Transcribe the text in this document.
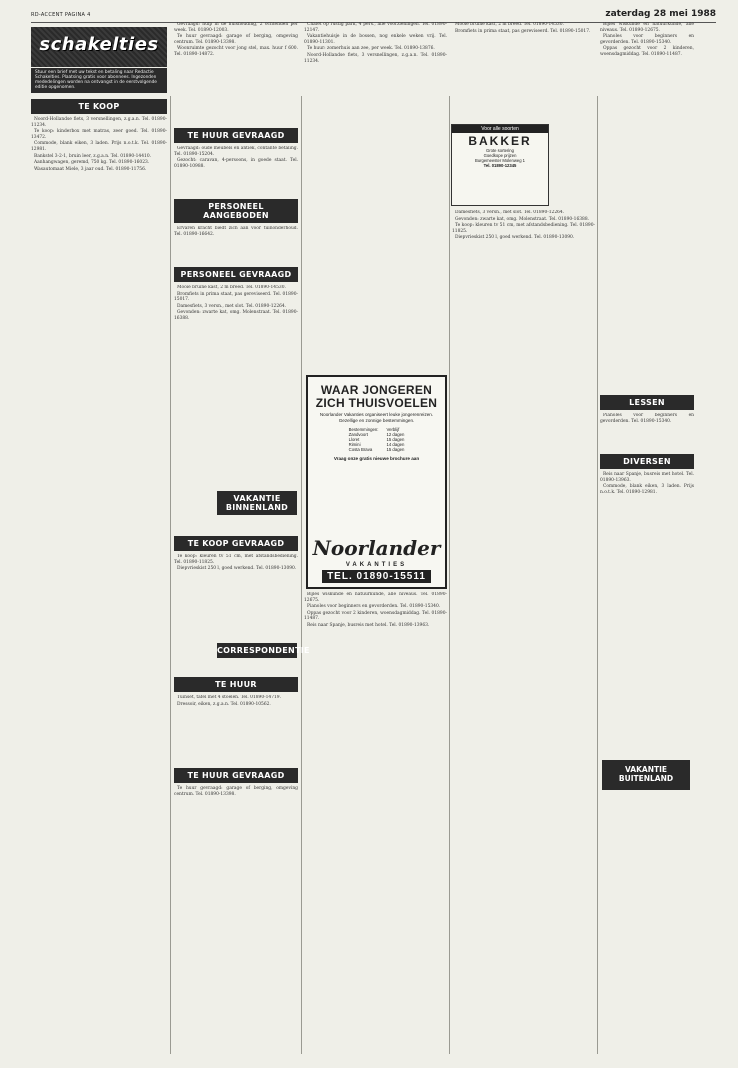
RD-ACCENT PAGINA 4	zaterdag 28 mei 1988
schakelties
Stuur een brief met uw tekst en betaling naar Redactie Schakelties. Plaatsing gratis voor abonnees. Ingezonden mededelingen worden na ontvangst in de eerstvolgende editie opgenomen.
TE KOOP

Noord-Hollandse fiets, 3 versnellingen, z.g.a.n. Tel. 01890-11234.

Te koop: kinderbox met matras, zeer goed. Tel. 01890-13472.

Commode, blank eiken, 3 laden. Prijs n.o.t.k. Tel. 01890-12981.

Bankstel 3-2-1, bruin leer, z.g.a.n. Tel. 01890-14410.

Aanhangwagen, geremd, 750 kg. Tel. 01890-16023.

Wasautomaat Miele, 3 jaar oud. Tel. 01890-11756.

Gevraagd: hulp in de huishouding, 2 ochtenden per week. Tel. 01890-12003.

Te huur gevraagd: garage of berging, omgeving centrum. Tel. 01890-13398.

Woonruimte gezocht voor jong stel, max. huur f 600. Tel. 01890-14872.

TE HUUR GEVRAAGD

Gevraagd: oude meubels en antiek, contante betaling. Tel. 01890-15204.

Gezocht: caravan, 4-persoons, in goede staat. Tel. 01890-10988.

PERSONEEL AANGEBODEN

Ervaren kracht biedt zich aan voor tuinonderhoud. Tel. 01890-16642.

PERSONEEL GEVRAAGD

Mooie bruine kast, 2 m breed. Tel. 01890-14530.

Bromfiets in prima staat, pas gereviseerd. Tel. 01890-15017.

Damesfiets, 3 versn., met slot. Tel. 01890-12264.

Gevonden: zwarte kat, omg. Molenstraat. Tel. 01890-16388.

TE KOOP GEVRAAGD

Te koop: kleuren tv 51 cm, met afstandsbediening. Tel. 01890-11825.

Diepvrieskist 250 l, goed werkend. Tel. 01890-13090.

TE HUUR

Tuinset, tafel met 4 stoelen. Tel. 01890-14719.

Dressoir, eiken, z.g.a.n. Tel. 01890-10562.

TE HUUR GEVRAAGD

Te huur gevraagd: garage of berging, omgeving centrum. Tel. 01890-13398.

Chalet op rustig park, 4 pers., alle voorzieningen. Tel. 01890-12147.

Vakantiehuisje in de bossen, nog enkele weken vrij. Tel. 01890-11301.

Te huur: zomerhuis aan zee, per week. Tel. 01890-13876.

Noord-Hollandse fiets, 3 versnellingen, z.g.a.n. Tel. 01890-11234.

Bijles wiskunde en natuurkunde, alle niveaus. Tel. 01890-12675.

Pianoles voor beginners en gevorderden. Tel. 01890-15340.

Oppas gezocht voor 2 kinderen, woensdagmiddag. Tel. 01890-11487.

Reis naar Spanje, busreis met hotel. Tel. 01890-13963.

Mooie bruine kast, 2 m breed. Tel. 01890-14530.

Bromfiets in prima staat, pas gereviseerd. Tel. 01890-15017.

Damesfiets, 3 versn., met slot. Tel. 01890-12264.

Gevonden: zwarte kat, omg. Molenstraat. Tel. 01890-16388.

Te koop: kleuren tv 51 cm, met afstandsbediening. Tel. 01890-11825.

Diepvrieskist 250 l, goed werkend. Tel. 01890-13090.

Bijles wiskunde en natuurkunde, alle niveaus. Tel. 01890-12675.

Pianoles voor beginners en gevorderden. Tel. 01890-15340.

Oppas gezocht voor 2 kinderen, woensdagmiddag. Tel. 01890-11487.

LESSEN

Pianoles voor beginners en gevorderden. Tel. 01890-15340.

DIVERSEN

Reis naar Spanje, busreis met hotel. Tel. 01890-13963.

Commode, blank eiken, 3 laden. Prijs n.o.t.k. Tel. 01890-12981.

VAKANTIE BINNENLAND
CORRESPONDENTIE
Voor alle soorten
BAKKER
Grote sortering
Goedkope prijzen
Burgemeester Molenweg 1
Tel. 01890-12345
WAAR JONGEREN ZICH THUISVOELEN
Noorlander Vakanties organiseert leuke jongerenreizen. Gezellige en zonnige bestemmingen.
Bestemmingen:	Verblijf
Zandvoort	12 dagen
Lloret	15 dagen
Rimini	14 dagen
Costa Brava	15 dagen
Vraag onze gratis nieuwe brochure aan
Noorlander
VAKANTIES
TEL. 01890-15511
VAKANTIE BUITENLAND
